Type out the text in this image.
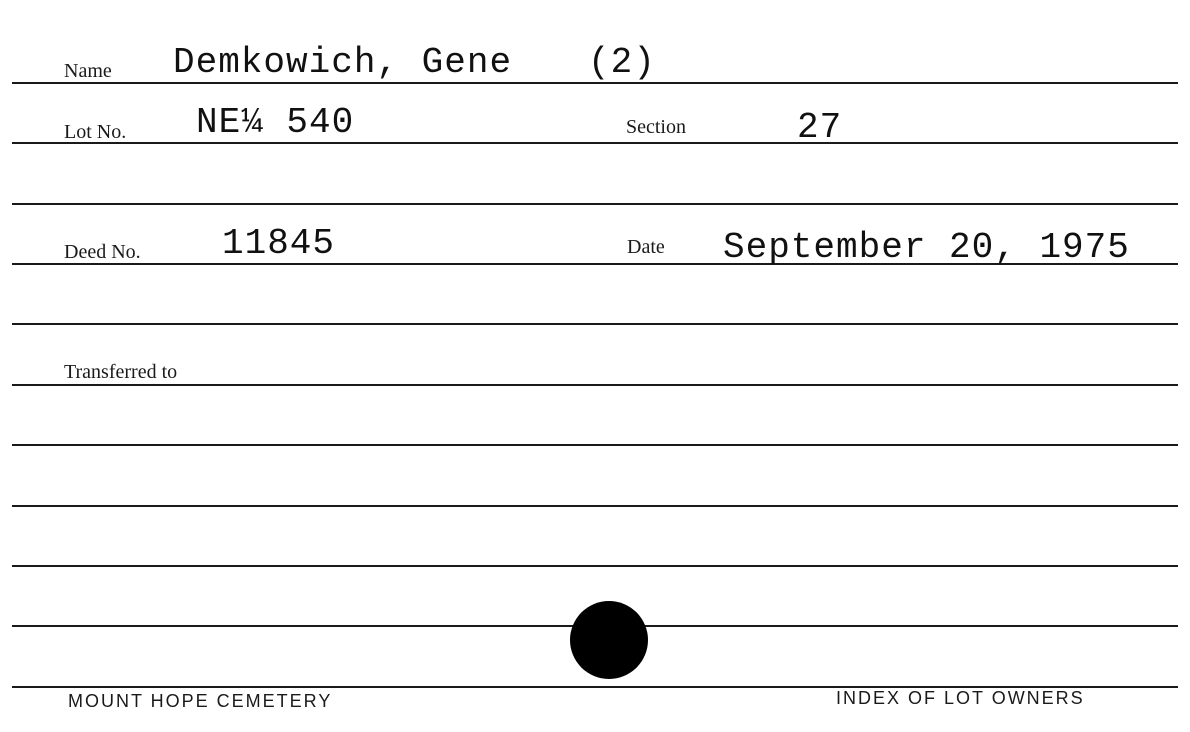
Name Demkowich, Gene (2)
Lot No. NE¼ 540	Section	27
Deed No. 11845	Date September 20, 1975
Transferred to
MOUNT HOPE CEMETERY	INDEX OF LOT OWNERS
